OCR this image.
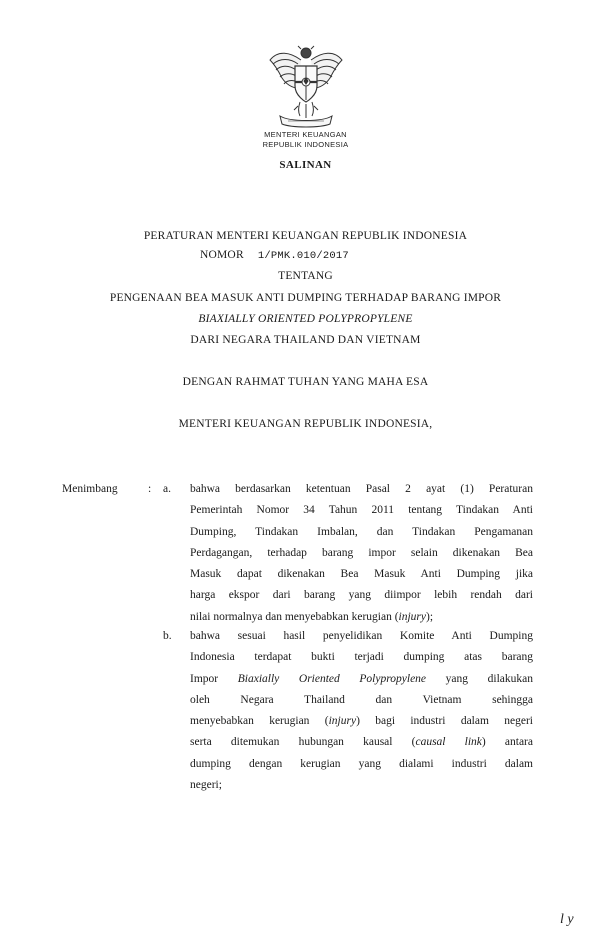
MENTERI KEUANGAN
REPUBLIK INDONESIA
SALINAN
PERATURAN MENTERI KEUANGAN REPUBLIK INDONESIA
NOMOR 1/PMK.010/2017
TENTANG
PENGENAAN BEA MASUK ANTI DUMPING TERHADAP BARANG IMPOR
BIAXIALLY ORIENTED POLYPROPYLENE
DARI NEGARA THAILAND DAN VIETNAM
DENGAN RAHMAT TUHAN YANG MAHA ESA
MENTERI KEUANGAN REPUBLIK INDONESIA,
Menimbang	: a. bahwa berdasarkan ketentuan Pasal 2 ayat (1) Peraturan
Pemerintah Nomor 34 Tahun 2011 tentang Tindakan Anti
Dumping, Tindakan Imbalan, dan Tindakan Pengamanan
Perdagangan, terhadap barang impor selain dikenakan Bea
Masuk dapat dikenakan Bea Masuk Anti Dumping jika
harga ekspor dari barang yang diimpor lebih rendah dari
nilai normalnya dan menyebabkan kerugian (injury);
b. bahwa sesuai hasil penyelidikan Komite Anti Dumping
Indonesia terdapat bukti terjadi dumping atas barang
Impor Biaxially Oriented Polypropylene yang dilakukan
oleh Negara Thailand dan Vietnam sehingga
menyebabkan kerugian (injury) bagi industri dalam negeri
serta ditemukan hubungan kausal (causal link) antara
dumping dengan kerugian yang dialami industri dalam
negeri;
l y
